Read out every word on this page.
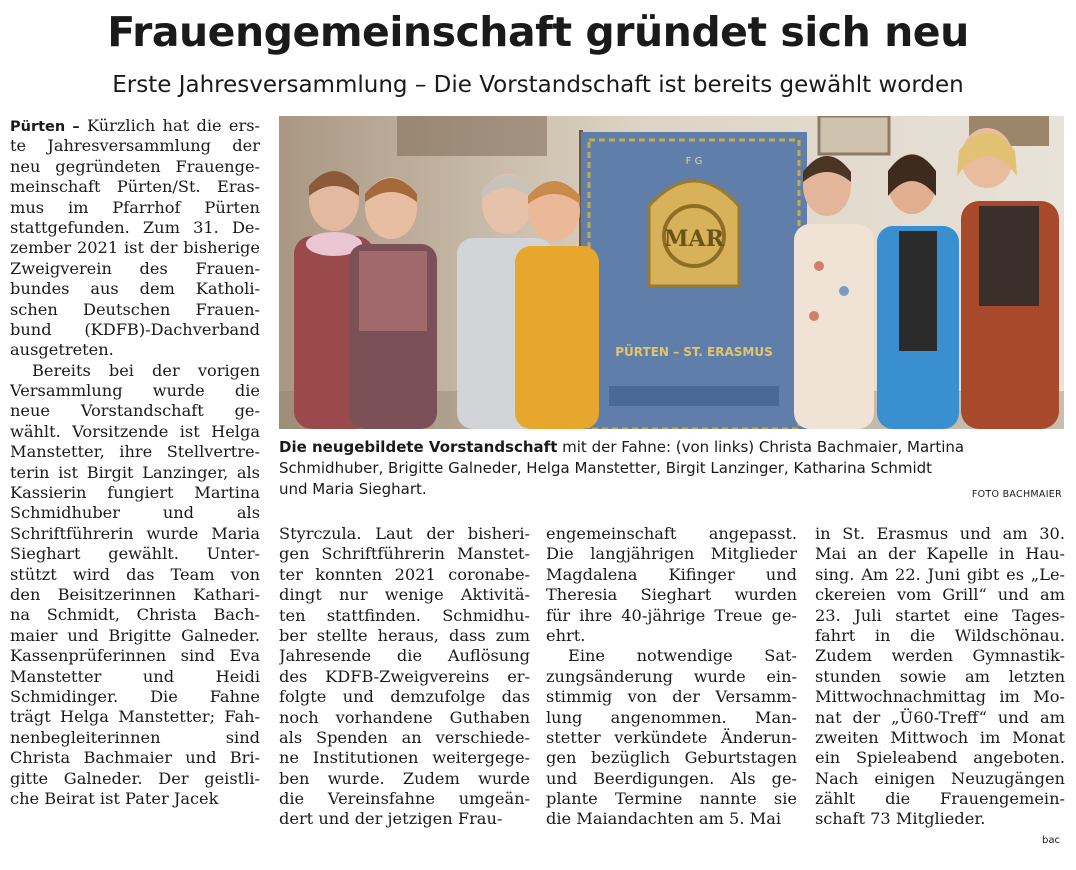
Frauengemeinschaft gründet sich neu
Erste Jahresversammlung – Die Vorstandschaft ist bereits gewählt worden
Pürten – Kürzlich hat die ers-
te Jahresversammlung der
neu gegründeten Frauenge-
meinschaft Pürten/St. Eras-
mus im Pfarrhof Pürten
stattgefunden. Zum 31. De-
zember 2021 ist der bisherige
Zweigverein des Frauen-
bundes aus dem Katholi-
schen Deutschen Frauen-
bund (KDFB)-Dachverband
ausgetreten.
Bereits bei der vorigen
Versammlung wurde die
neue Vorstandschaft ge-
wählt. Vorsitzende ist Helga
Manstetter, ihre Stellvertre-
terin ist Birgit Lanzinger, als
Kassierin fungiert Martina
Schmidhuber und als
Schriftführerin wurde Maria
Sieghart gewählt. Unter-
stützt wird das Team von
den Beisitzerinnen Kathari-
na Schmidt, Christa Bach-
maier und Brigitte Galneder.
Kassenprüferinnen sind Eva
Manstetter und Heidi
Schmidinger. Die Fahne
trägt Helga Manstetter; Fah-
nenbegleiterinnen sind
Christa Bachmaier und Bri-
gitte Galneder. Der geistli-
che Beirat ist Pater Jacek
Styrczula. Laut der bisheri-
gen Schriftführerin Manstet-
ter konnten 2021 coronabe-
dingt nur wenige Aktivitä-
ten stattfinden. Schmidhu-
ber stellte heraus, dass zum
Jahresende die Auflösung
des KDFB-Zweigvereins er-
folgte und demzufolge das
noch vorhandene Guthaben
als Spenden an verschiede-
ne Institutionen weitergege-
ben wurde. Zudem wurde
die Vereinsfahne umgeän-
dert und der jetzigen Frau-
engemeinschaft angepasst.
Die langjährigen Mitglieder
Magdalena Kifinger und
Theresia Sieghart wurden
für ihre 40-jährige Treue ge-
ehrt.
Eine notwendige Sat-
zungsänderung wurde ein-
stimmig von der Versamm-
lung angenommen. Man-
stetter verkündete Änderun-
gen bezüglich Geburtstagen
und Beerdigungen. Als ge-
plante Termine nannte sie
die Maiandachten am 5. Mai
in St. Erasmus und am 30.
Mai an der Kapelle in Hau-
sing. Am 22. Juni gibt es „Le-
ckereien vom Grill“ und am
23. Juli startet eine Tages-
fahrt in die Wildschönau.
Zudem werden Gymnastik-
stunden sowie am letzten
Mittwochnachmittag im Mo-
nat der „Ü60-Treff“ und am
zweiten Mittwoch im Monat
ein Spieleabend angeboten.
Nach einigen Neuzugängen
zählt die Frauengemein-
schaft 73 Mitglieder.
MAR
F G
PÜRTEN – ST. ERASMUS
Die neugebildete Vorstandschaft mit der Fahne: (von links) Christa Bachmaier, Martina
Schmidhuber, Brigitte Galneder, Helga Manstetter, Birgit Lanzinger, Katharina Schmidt
und Maria Sieghart.	FOTO BACHMAIER
bac
